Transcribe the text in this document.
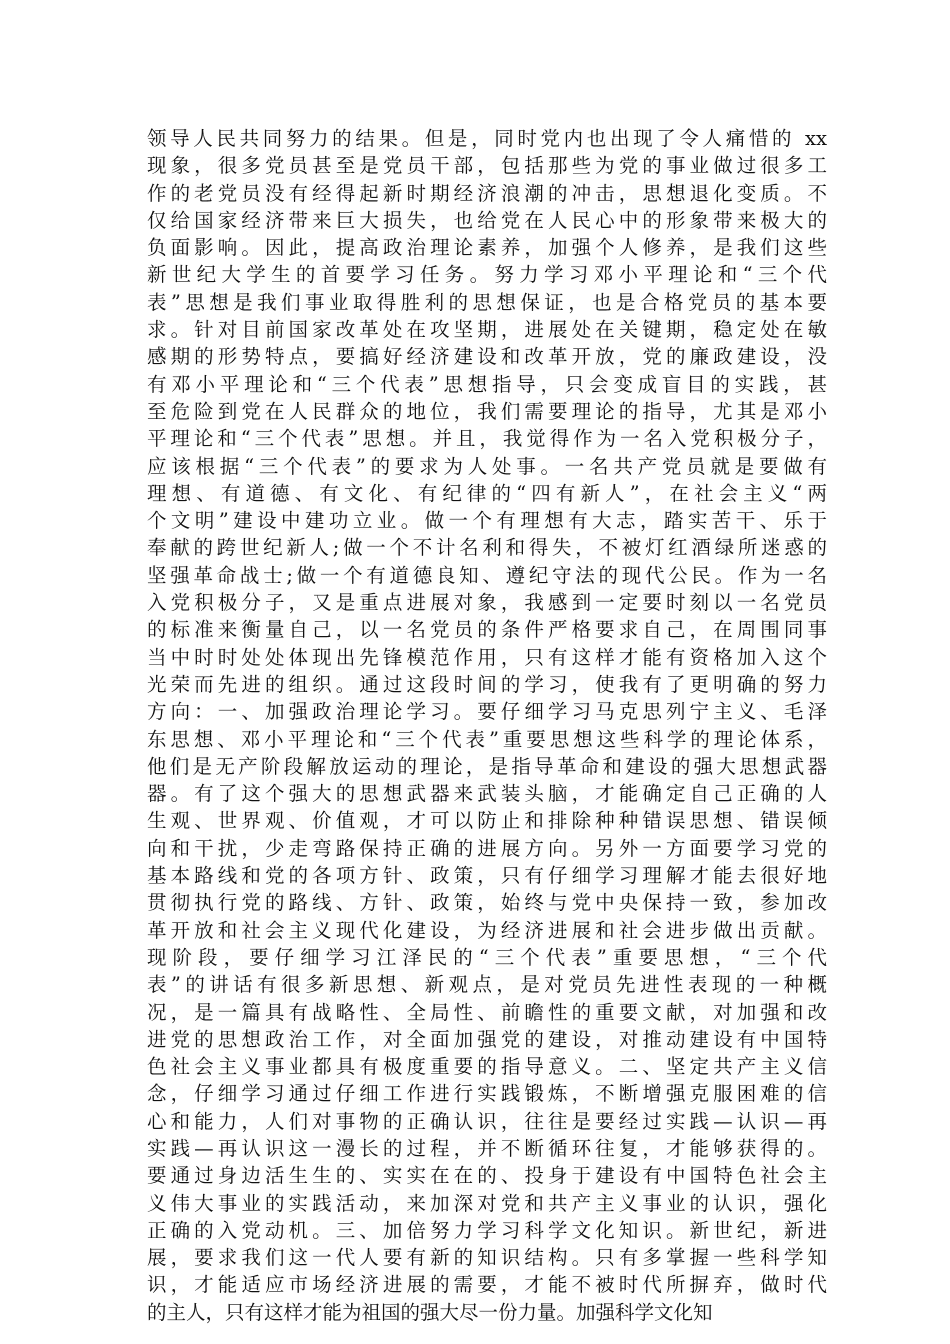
领导人民共同努力的结果。但是，同时党内也出现了令人痛惜的 xx
现象，很多党员甚至是党员干部，包括那些为党的事业做过很多工
作的老党员没有经得起新时期经济浪潮的冲击，思想退化变质。不
仅给国家经济带来巨大损失，也给党在人民心中的形象带来极大的
负面影响。因此，提高政治理论素养，加强个人修养，是我们这些
新世纪大学生的首要学习任务。努力学习邓小平理论和“三个代
表”思想是我们事业取得胜利的思想保证，也是合格党员的基本要
求。针对目前国家改革处在攻坚期，进展处在关键期，稳定处在敏
感期的形势特点，要搞好经济建设和改革开放，党的廉政建设，没
有邓小平理论和“三个代表”思想指导，只会变成盲目的实践，甚
至危险到党在人民群众的地位，我们需要理论的指导，尤其是邓小
平理论和“三个代表”思想。并且，我觉得作为一名入党积极分子，
应该根据“三个代表”的要求为人处事。一名共产党员就是要做有
理想、有道德、有文化、有纪律的“四有新人”，在社会主义“两
个文明”建设中建功立业。做一个有理想有大志，踏实苦干、乐于
奉献的跨世纪新人;做一个不计名利和得失，不被灯红酒绿所迷惑的
坚强革命战士;做一个有道德良知、遵纪守法的现代公民。作为一名
入党积极分子，又是重点进展对象，我感到一定要时刻以一名党员
的标准来衡量自己，以一名党员的条件严格要求自己，在周围同事
当中时时处处体现出先锋模范作用，只有这样才能有资格加入这个
光荣而先进的组织。通过这段时间的学习，使我有了更明确的努力
方向：一、加强政治理论学习。要仔细学习马克思列宁主义、毛泽
东思想、邓小平理论和“三个代表”重要思想这些科学的理论体系，
他们是无产阶段解放运动的理论，是指导革命和建设的强大思想武器
器。有了这个强大的思想武器来武装头脑，才能确定自己正确的人
生观、世界观、价值观，才可以防止和排除种种错误思想、错误倾
向和干扰，少走弯路保持正确的进展方向。另外一方面要学习党的
基本路线和党的各项方针、政策，只有仔细学习理解才能去很好地
贯彻执行党的路线、方针、政策，始终与党中央保持一致，参加改
革开放和社会主义现代化建设，为经济进展和社会进步做出贡献。
现阶段，要仔细学习江泽民的“三个代表”重要思想，“三个代
表”的讲话有很多新思想、新观点，是对党员先进性表现的一种概
况，是一篇具有战略性、全局性、前瞻性的重要文献，对加强和改
进党的思想政治工作，对全面加强党的建设，对推动建设有中国特
色社会主义事业都具有极度重要的指导意义。二、坚定共产主义信
念，仔细学习通过仔细工作进行实践锻炼，不断增强克服困难的信
心和能力，人们对事物的正确认识，往往是要经过实践—认识—再
实践—再认识这一漫长的过程，并不断循环往复，才能够获得的。
要通过身边活生生的、实实在在的、投身于建设有中国特色社会主
义伟大事业的实践活动，来加深对党和共产主义事业的认识，强化
正确的入党动机。三、加倍努力学习科学文化知识。新世纪，新进
展，要求我们这一代人要有新的知识结构。只有多掌握一些科学知
识，才能适应市场经济进展的需要，才能不被时代所摒弃，做时代
的主人，只有这样才能为祖国的强大尽一份力量。加强科学文化知
